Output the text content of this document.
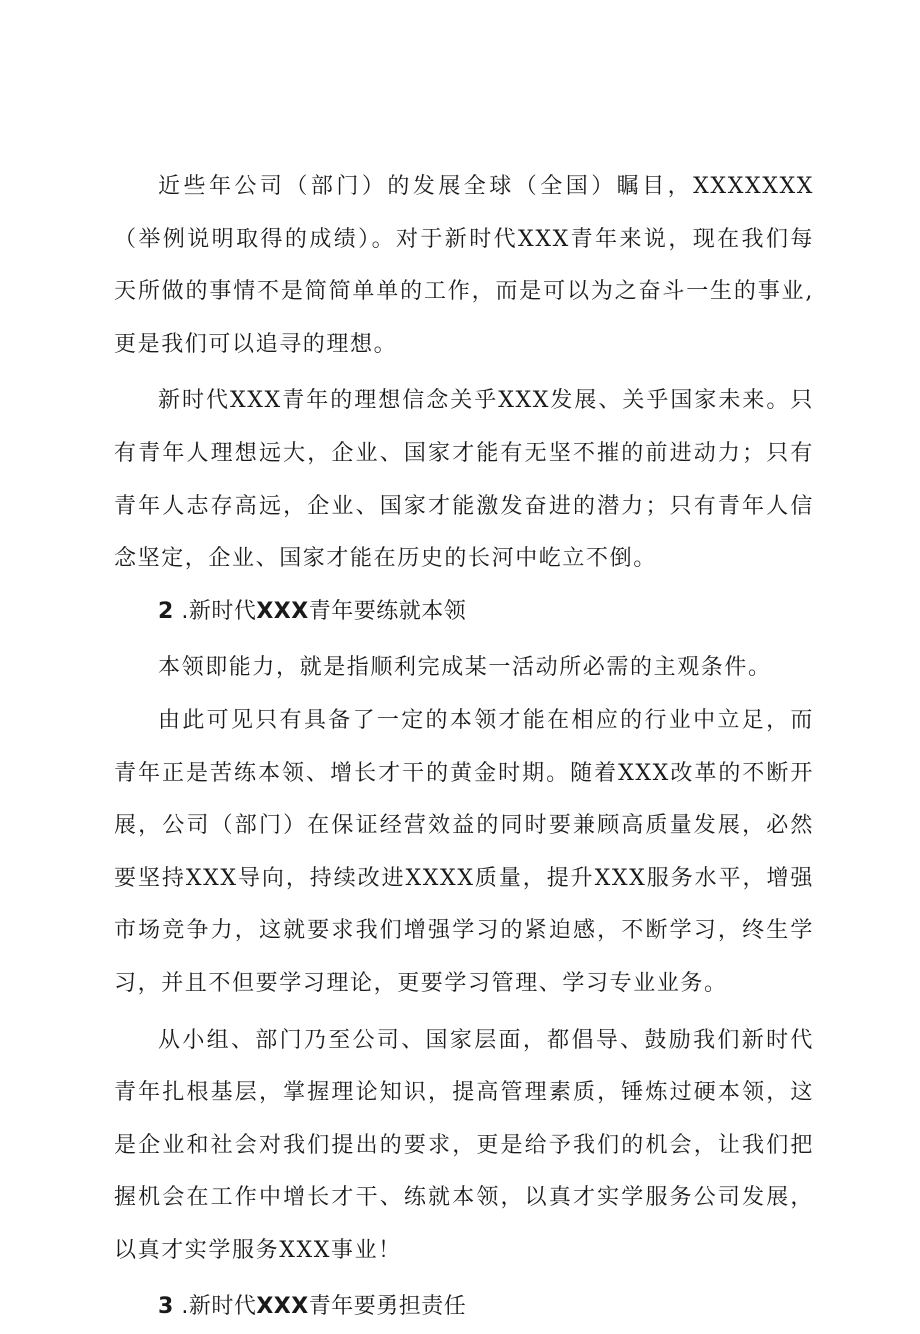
近些年公司（部门）的发展全球（全国）瞩目，XXXXXXX（举例说明取得的成绩）。对于新时代XXX青年来说，现在我们每天所做的事情不是简简单单的工作，而是可以为之奋斗一生的事业,更是我们可以追寻的理想。

新时代XXX青年的理想信念关乎XXX发展、关乎国家未来。只有青年人理想远大，企业、国家才能有无坚不摧的前进动力；只有青年人志存高远，企业、国家才能激发奋进的潜力；只有青年人信念坚定，企业、国家才能在历史的长河中屹立不倒。

2 .新时代XXX青年要练就本领

本领即能力，就是指顺利完成某一活动所必需的主观条件。

由此可见只有具备了一定的本领才能在相应的行业中立足，而青年正是苦练本领、增长才干的黄金时期。随着XXX改革的不断开展，公司（部门）在保证经营效益的同时要兼顾高质量发展，必然要坚持XXX导向，持续改进XXXX质量，提升XXX服务水平，增强市场竞争力，这就要求我们增强学习的紧迫感，不断学习，终生学习，并且不但要学习理论，更要学习管理、学习专业业务。

从小组、部门乃至公司、国家层面，都倡导、鼓励我们新时代青年扎根基层，掌握理论知识，提高管理素质，锤炼过硬本领，这是企业和社会对我们提出的要求，更是给予我们的机会，让我们把握机会在工作中增长才干、练就本领，以真才实学服务公司发展，以真才实学服务XXX事业！

3 .新时代XXX青年要勇担责任
